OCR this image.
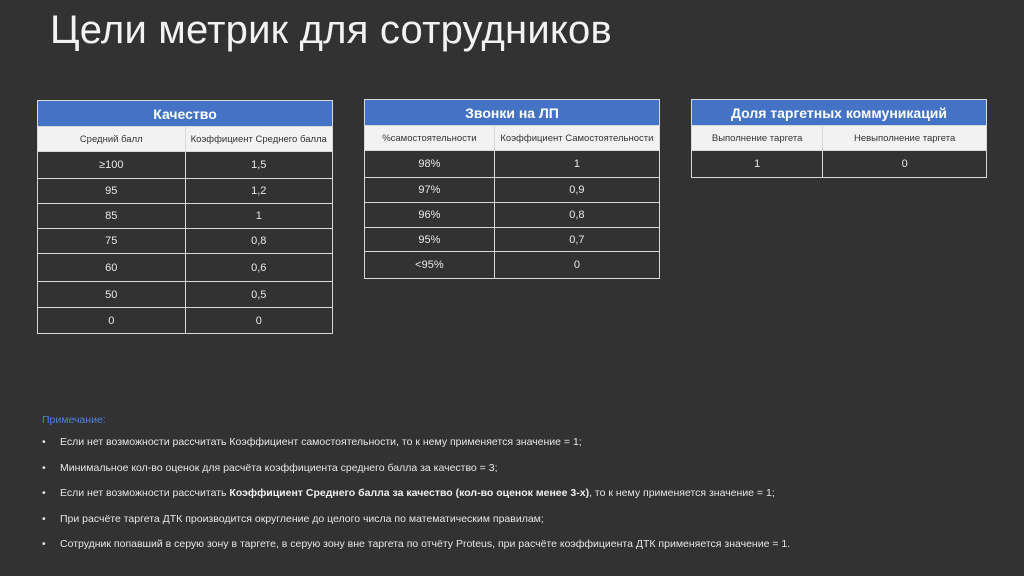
Цели метрик для сотрудников
Качество	
Средний балл	Коэффициент Среднего балла
≥100	1,5
95	1,2
85	1
75	0,8
60	0,6
50	0,5
0	0
Звонки на ЛП	
%самостоятельности	Коэффициент Самостоятельности
98%	1
97%	0,9
96%	0,8
95%	0,7
<95%	0
Доля таргетных коммуникаций	
Выполнение таргета	Невыполнение таргета
1	0
Примечание:
• Если нет возможности рассчитать Коэффициент самостоятельности, то к нему применяется значение = 1;
• Минимальное кол-во оценок для расчёта коэффициента среднего балла за качество = 3;
• Если нет возможности рассчитать Коэффициент Среднего балла за качество (кол-во оценок менее 3-х), то к нему применяется значение = 1;
• При расчёте таргета ДТК производится округление до целого числа по математическим правилам;
• Сотрудник попавший в серую зону в таргете, в серую зону вне таргета по отчёту Proteus, при расчёте коэффициента ДТК применяется значение = 1.
